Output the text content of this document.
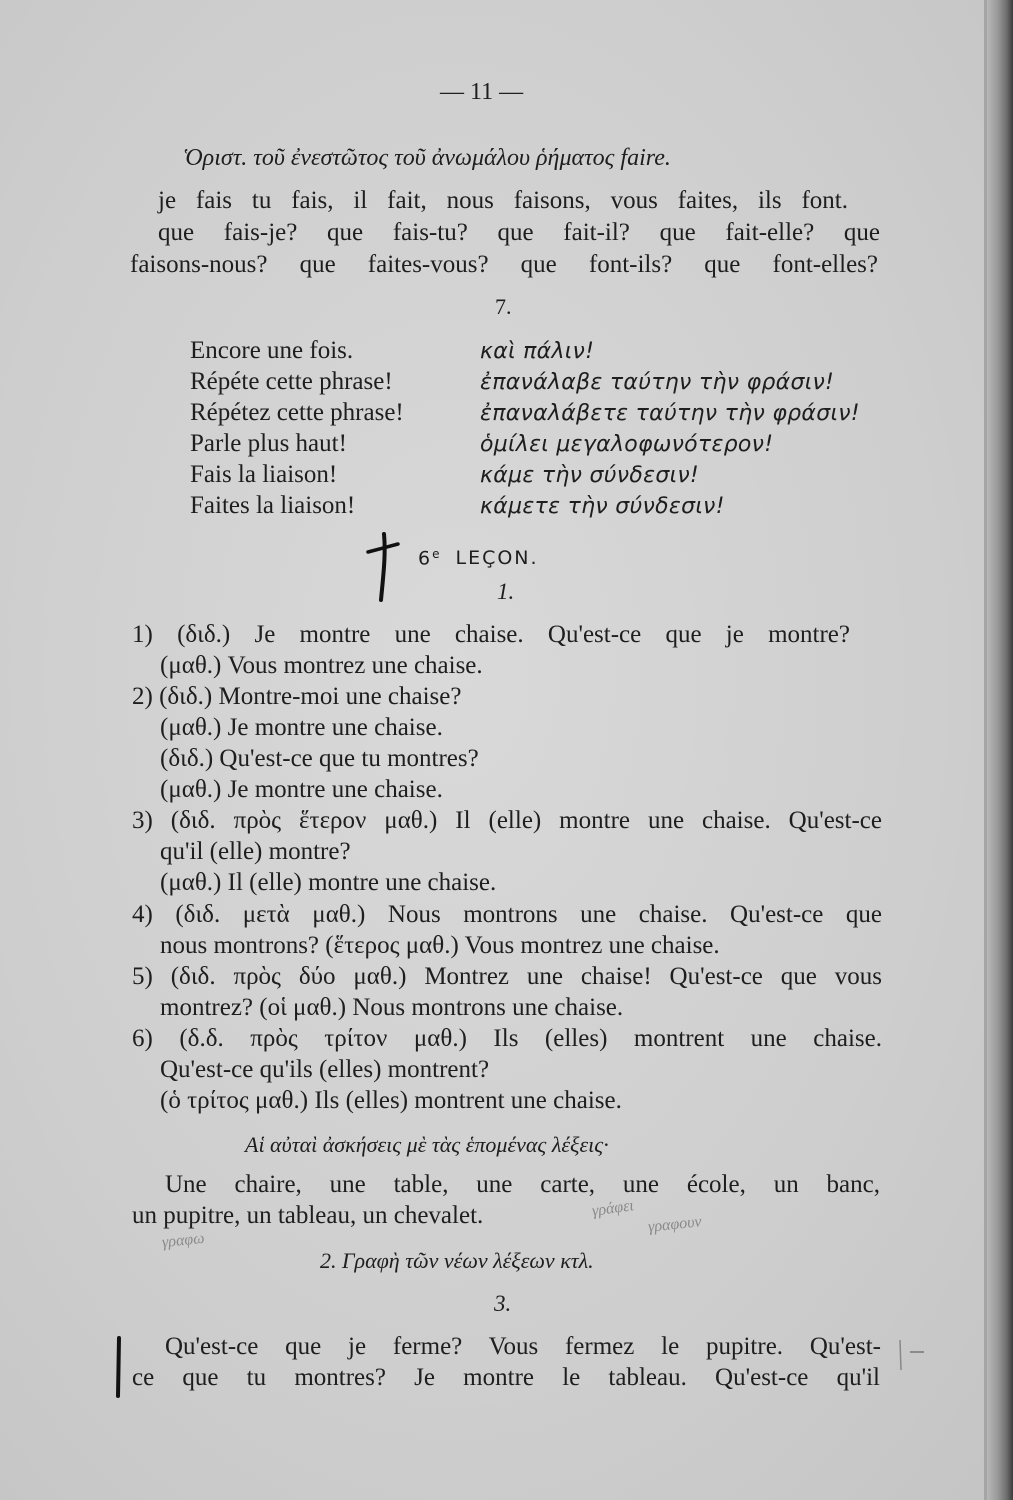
— 11 —
Ὁριστ. τοῦ ἐνεστῶτος τοῦ ἀνωμάλου ῥήματος faire.
je fais tu fais, il fait, nous faisons, vous faites, ils font.
que fais-je? que fais-tu? que fait-il? que fait-elle? que
faisons-nous? que faites-vous? que font-ils? que font-elles?
7.
Encore une fois.
Répéte cette phrase!
Répétez cette phrase!
Parle plus haut!
Fais la liaison!
Faites la liaison!
καὶ πάλιν!
ἐπανάλαβε ταύτην τὴν φράσιν!
ἐπαναλάβετε ταύτην τὴν φράσιν!
ὁμίλει μεγαλοφωνότερον!
κάμε τὴν σύνδεσιν!
κάμετε τὴν σύνδεσιν!
6e LEÇON.
1.
1) (διδ.) Je montre une chaise. Qu'est-ce que je montre?
(μαθ.) Vous montrez une chaise.
2) (διδ.) Montre-moi une chaise?
(μαθ.) Je montre une chaise.
(διδ.) Qu'est-ce que tu montres?
(μαθ.) Je montre une chaise.
3) (διδ. πρὸς ἕτερον μαθ.) Il (elle) montre une chaise. Qu'est-ce
qu'il (elle) montre?
(μαθ.) Il (elle) montre une chaise.
4) (διδ. μετὰ μαθ.) Nous montrons une chaise. Qu'est-ce que
nous montrons? (ἕτερος μαθ.) Vous montrez une chaise.
5) (διδ. πρὸς δύο μαθ.) Montrez une chaise! Qu'est-ce que vous
montrez? (οἱ μαθ.) Nous montrons une chaise.
6) (δ.δ. πρὸς τρίτον μαθ.) Ils (elles) montrent une chaise.
Qu'est-ce qu'ils (elles) montrent?
(ὁ τρίτος μαθ.) Ils (elles) montrent une chaise.
Αἱ αὐταὶ ἀσκήσεις μὲ τὰς ἑπομένας λέξεις·
Une chaire, une table, une carte, une école, un banc,
un pupitre, un tableau, un chevalet.
γραφω
γράφει
γραφουν
2. Γραφὴ τῶν νέων λέξεων κτλ.
3.
Qu'est-ce que je ferme? Vous fermez le pupitre. Qu'est-
ce que tu montres? Je montre le tableau. Qu'est-ce qu'il
